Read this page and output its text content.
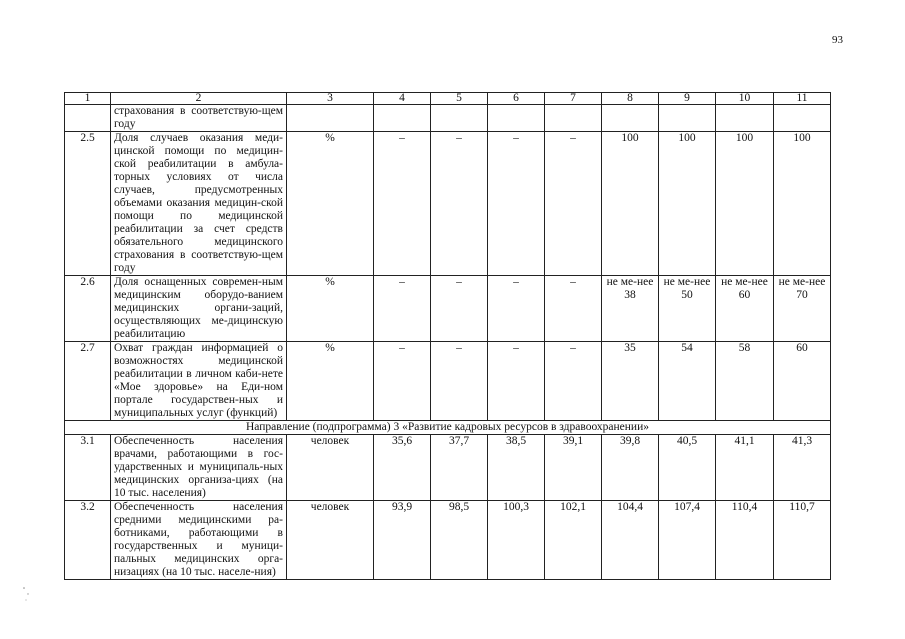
93
1	2	3	4	5	6	7	8	9	10	11
	страхования в соответствую-щем году									
2.5	Доля случаев оказания меди-цинской помощи по медицин-ской реабилитации в амбула-торных условиях от числа случаев, предусмотренных объемами оказания медицин-ской помощи по медицинской реабилитации за счет средств обязательного медицинского страхования в соответствую-щем году	%	–	–	–	–	100	100	100	100
2.6	Доля оснащенных современ-ным медицинским оборудо-ванием медицинских органи-заций, осуществляющих ме-дицинскую реабилитацию	%	–	–	–	–	не ме-нее 38	не ме-нее 50	не ме-нее 60	не ме-нее 70
2.7	Охват граждан информацией о возможностях медицинской реабилитации в личном каби-нете «Мое здоровье» на Еди-ном портале государствен-ных и муниципальных услуг (функций)	%	–	–	–	–	35	54	58	60
Направление (подпрограмма) 3 «Развитие кадровых ресурсов в здравоохранении»										
3.1	Обеспеченность населения врачами, работающими в гос-ударственных и муниципаль-ных медицинских организа-циях (на 10 тыс. населения)	человек	35,6	37,7	38,5	39,1	39,8	40,5	41,1	41,3
3.2	Обеспеченность населения средними медицинскими ра-ботниками, работающими в государственных и муници-пальных медицинских орга-низациях (на 10 тыс. населе-ния)	человек	93,9	98,5	100,3	102,1	104,4	107,4	110,4	110,7
